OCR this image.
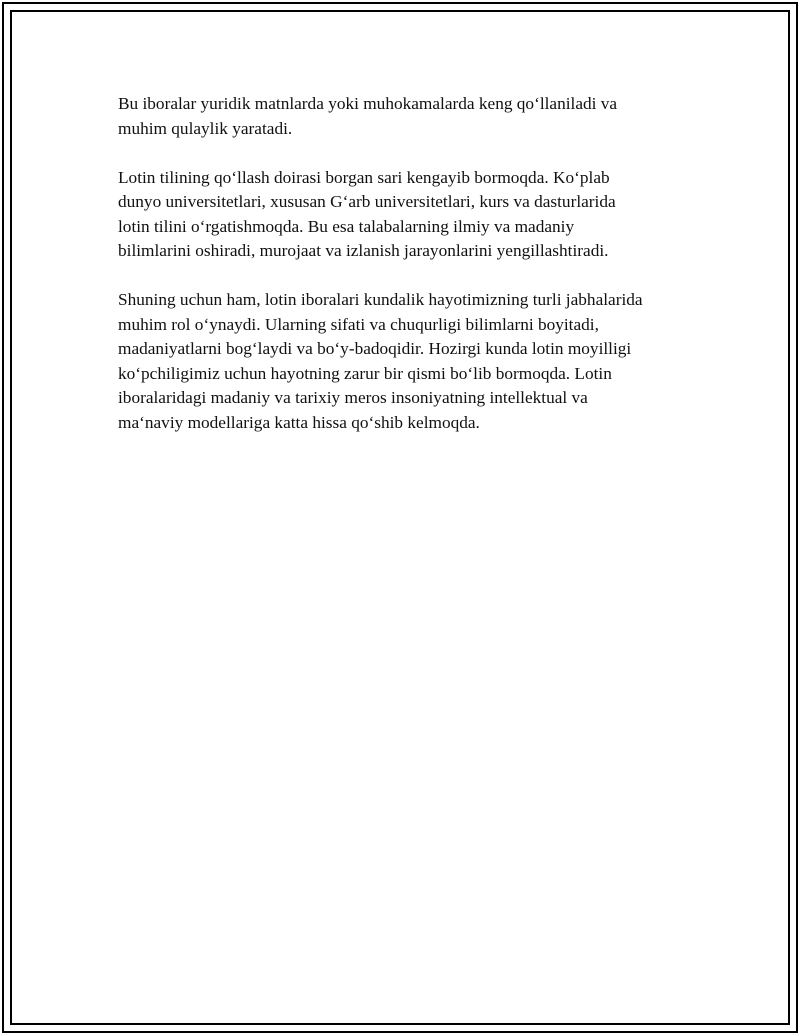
Bu iboralar yuridik matnlarda yoki muhokamalarda keng qo‘llaniladi va
muhim qulaylik yaratadi.

Lotin tilining qo‘llash doirasi borgan sari kengayib bormoqda. Ko‘plab
dunyo universitetlari, xususan G‘arb universitetlari, kurs va dasturlarida
lotin tilini o‘rgatishmoqda. Bu esa talabalarning ilmiy va madaniy
bilimlarini oshiradi, murojaat va izlanish jarayonlarini yengillashtiradi.

Shuning uchun ham, lotin iboralari kundalik hayotimizning turli jabhalarida
muhim rol o‘ynaydi. Ularning sifati va chuqurligi bilimlarni boyitadi,
madaniyatlarni bog‘laydi va bo‘y-badoqidir. Hozirgi kunda lotin moyilligi
ko‘pchiligimiz uchun hayotning zarur bir qismi bo‘lib bormoqda. Lotin
iboralaridagi madaniy va tarixiy meros insoniyatning intellektual va
ma‘naviy modellariga katta hissa qo‘shib kelmoqda.
